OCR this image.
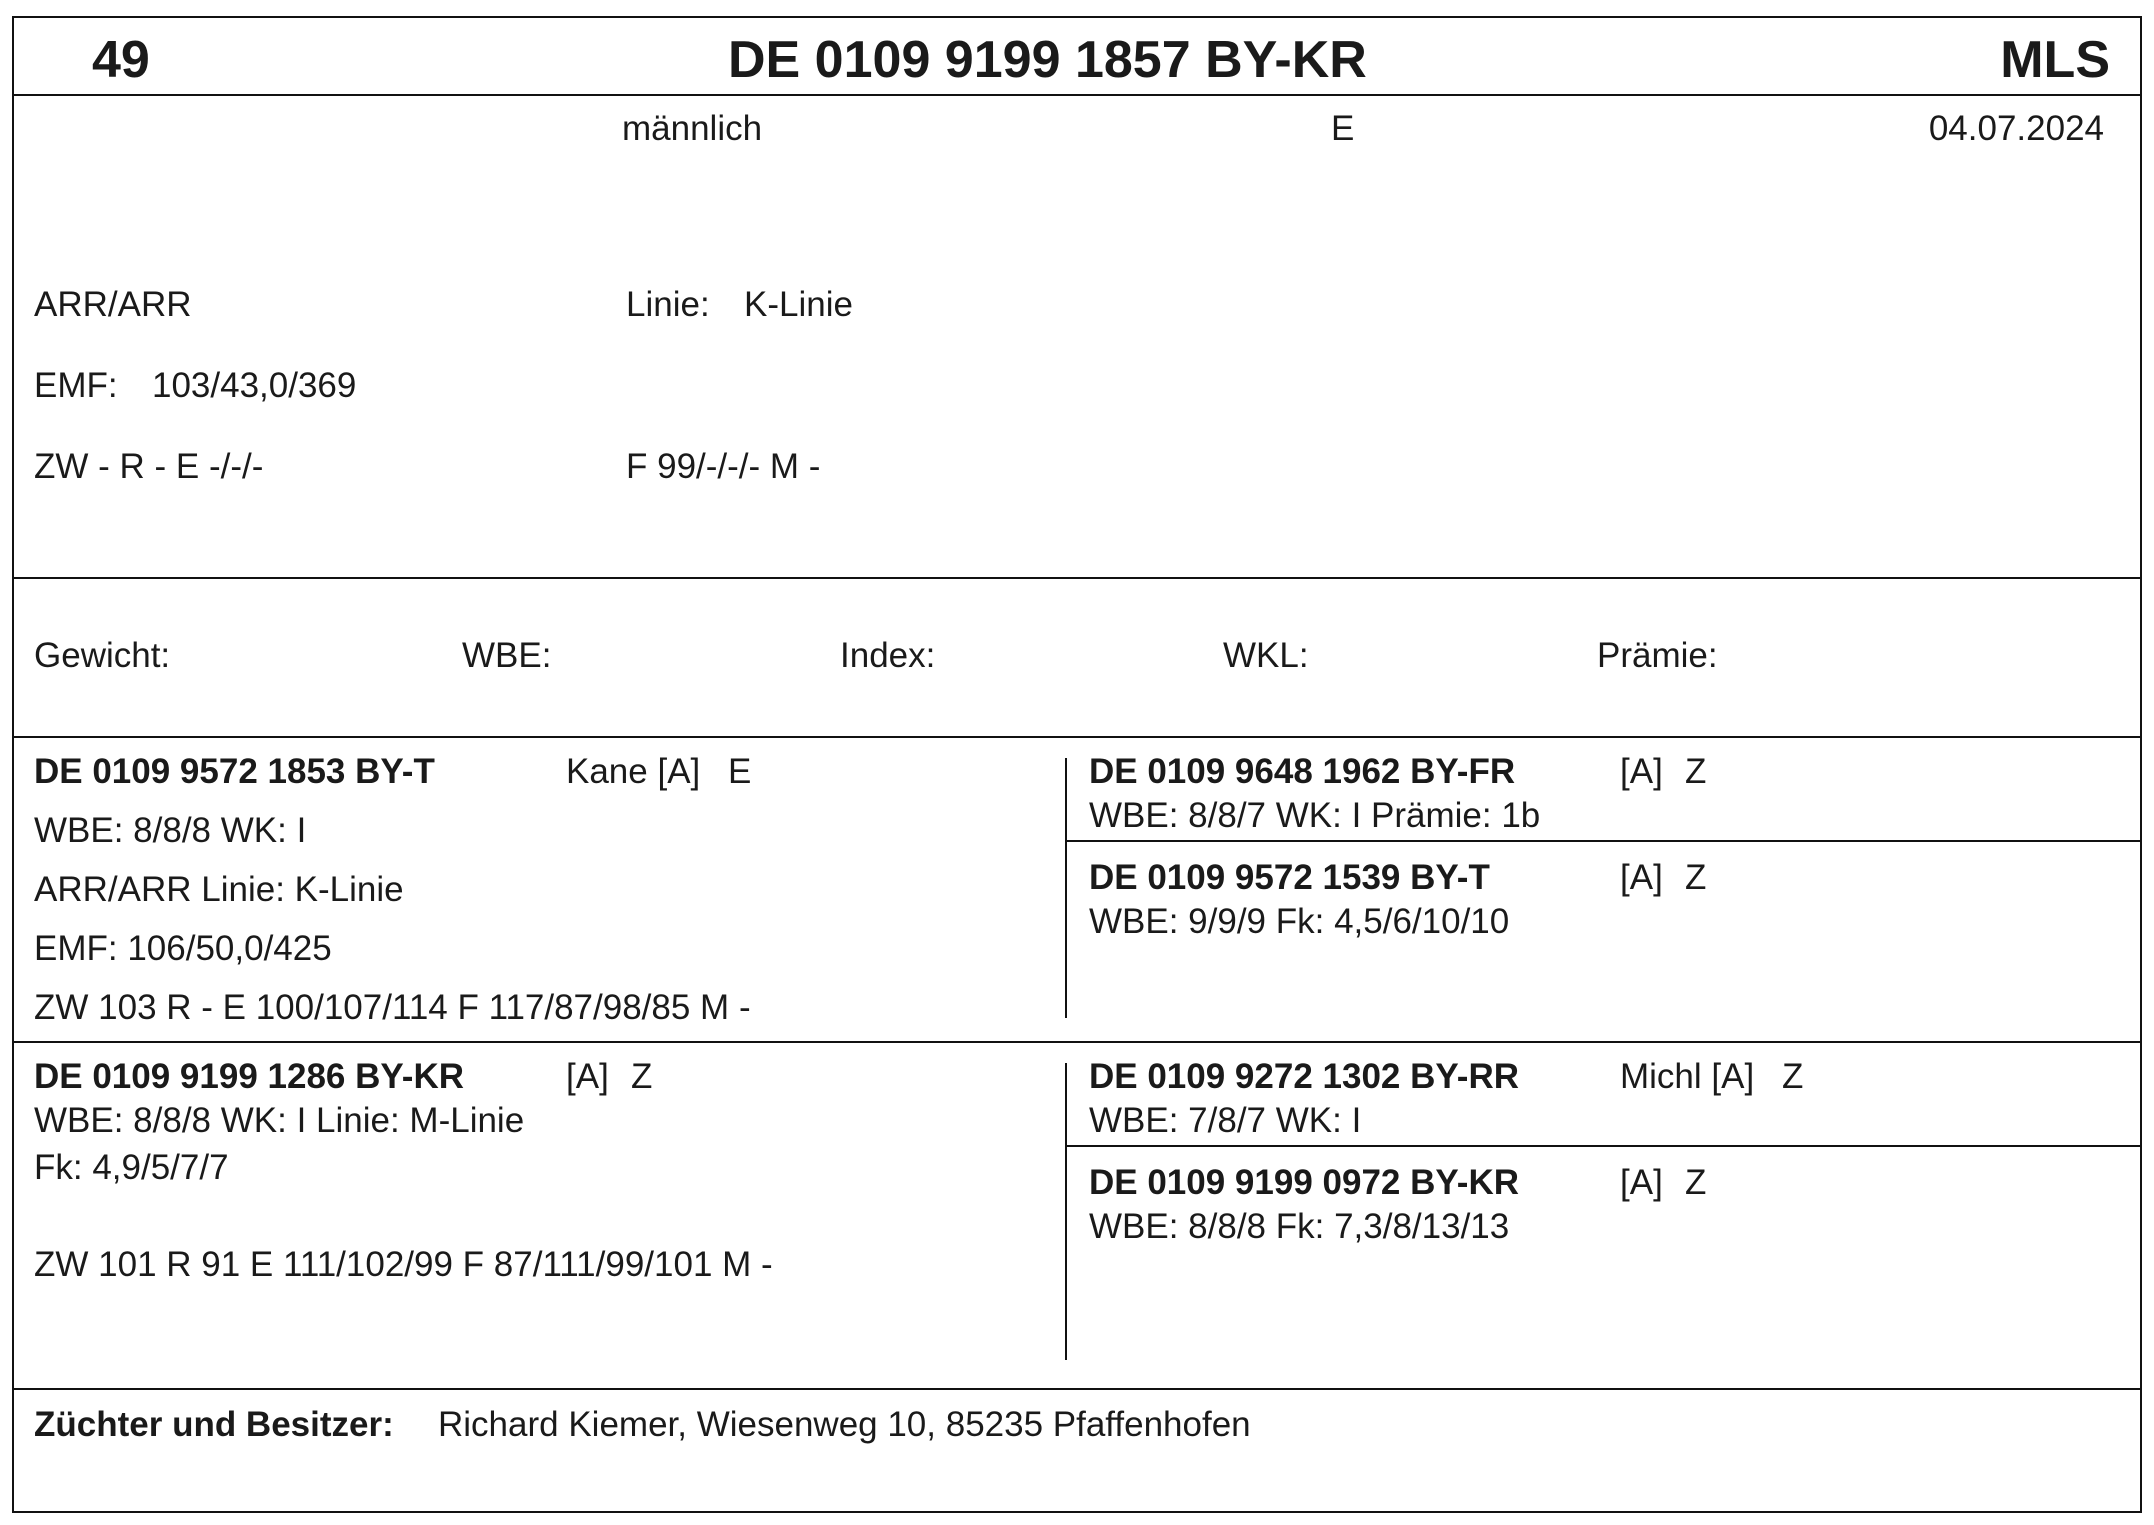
49	DE 0109 9199 1857 BY-KR	MLS
männlich	E	04.07.2024
ARR/ARR	Linie: K-Linie
EMF: 103/43,0/369
ZW - R - E -/-/-	F 99/-/-/- M -
Gewicht:	WBE:	Index:	WKL:	Prämie:
DE 0109 9572 1853 BY-T	Kane [A] E
WBE: 8/8/8 WK: I
ARR/ARR Linie: K-Linie
EMF: 106/50,0/425
ZW 103 R - E 100/107/114 F 117/87/98/85 M -
DE 0109 9648 1962 BY-FR	[A] Z
WBE: 8/8/7 WK: I Prämie: 1b
DE 0109 9572 1539 BY-T	[A] Z
WBE: 9/9/9 Fk: 4,5/6/10/10
DE 0109 9199 1286 BY-KR	[A] Z
WBE: 8/8/8 WK: I Linie: M-Linie
Fk: 4,9/5/7/7
ZW 101 R 91 E 111/102/99 F 87/111/99/101 M -
DE 0109 9272 1302 BY-RR	Michl [A] Z
WBE: 7/8/7 WK: I
DE 0109 9199 0972 BY-KR	[A] Z
WBE: 8/8/8 Fk: 7,3/8/13/13
Züchter und Besitzer: Richard Kiemer, Wiesenweg 10, 85235 Pfaffenhofen
